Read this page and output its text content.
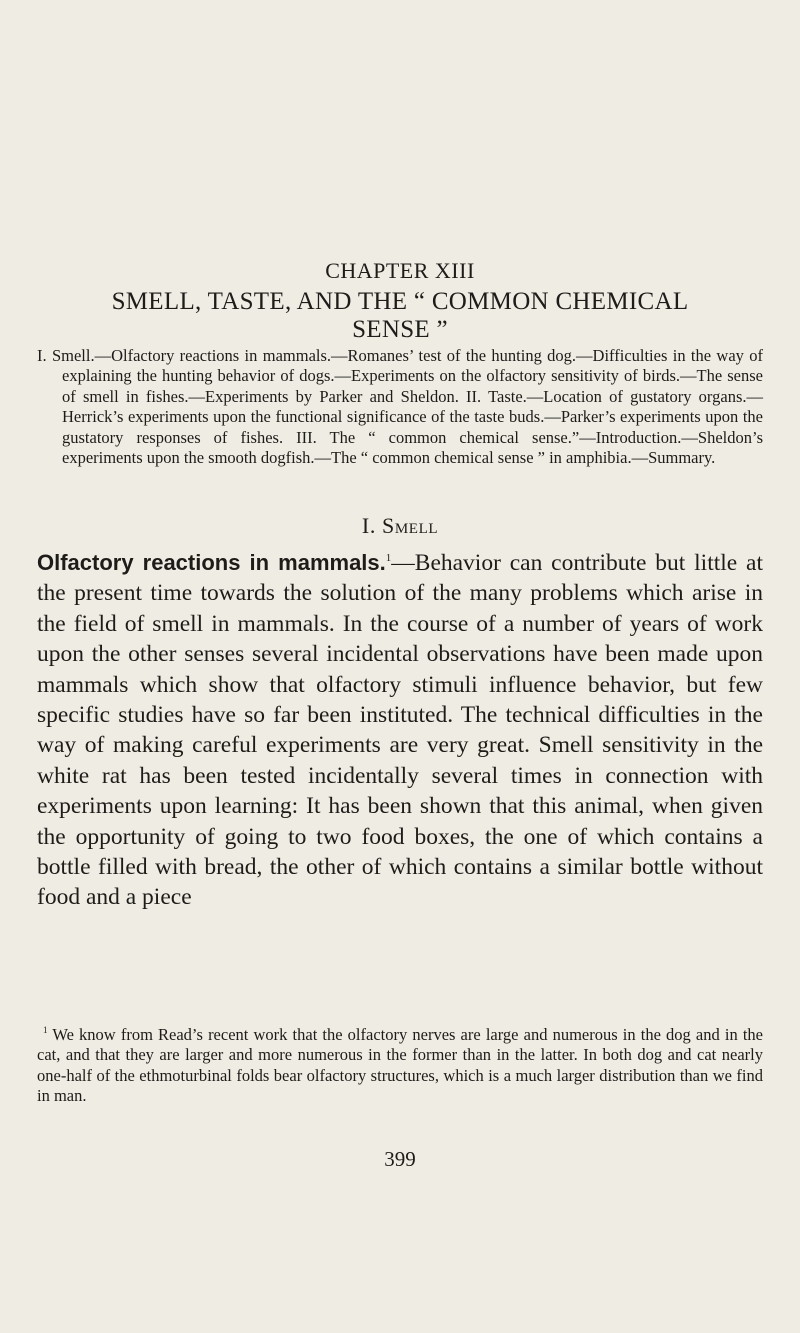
CHAPTER XIII
SMELL, TASTE, AND THE “ COMMON CHEMICAL
SENSE ”

I. Smell.—Olfactory reactions in mammals.—Romanes’ test of the hunting dog.—Difficulties in the way of explaining the hunting behavior of dogs.—Experiments on the olfactory sensitivity of birds.—The sense of smell in fishes.—Experiments by Parker and Sheldon. II. Taste.—Location of gustatory organs.—Herrick’s experiments upon the functional significance of the taste buds.—Parker’s experiments upon the gustatory responses of fishes. III. The “ common chemical sense.”—Introduction.—Sheldon’s experiments upon the smooth dogfish.—The “ common chemical sense ” in amphibia.—Summary.

I. Smell

Olfactory reactions in mammals.$^1$—Behavior can contribute but little at the present time towards the solution of the many problems which arise in the field of smell in mammals. In the course of a number of years of work upon the other senses several incidental observations have been made upon mammals which show that olfactory stimuli influence behavior, but few specific studies have so far been instituted. The technical difficulties in the way of making careful experiments are very great. Smell sensitivity in the white rat has been tested incidentally several times in connection with experiments upon learning: It has been shown that this animal, when given the opportunity of going to two food boxes, the one of which contains a bottle filled with bread, the other of which contains a similar bottle without food and a piece

$^1$ We know from Read’s recent work that the olfactory nerves are large and numerous in the dog and in the cat, and that they are larger and more numerous in the former than in the latter. In both dog and cat nearly one-half of the ethmoturbinal folds bear olfactory structures, which is a much larger distribution than we find in man.

399
